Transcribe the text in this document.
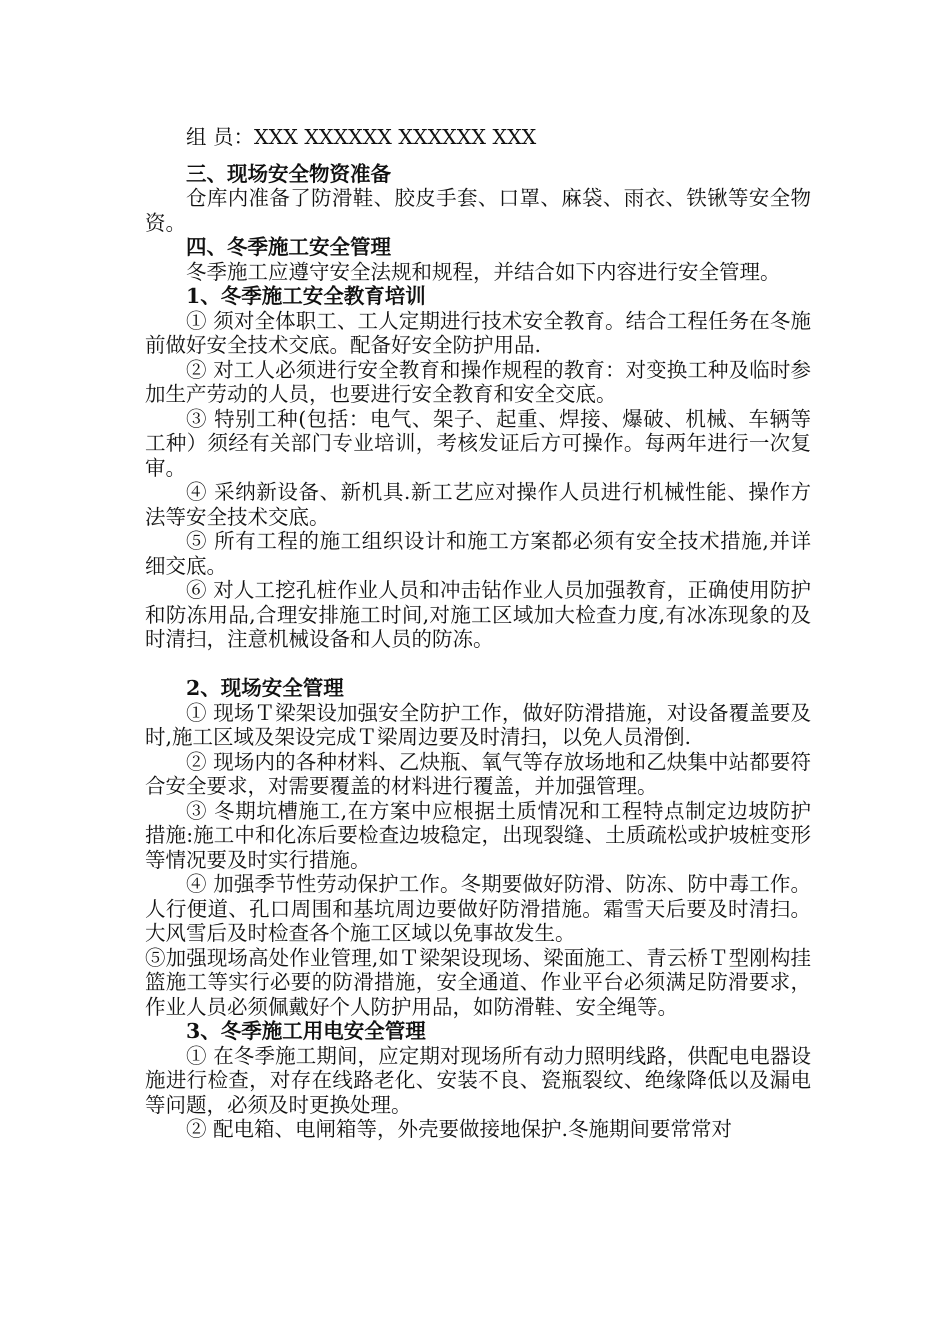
组 员：XXX XXXXXX XXXXXX XXX

三、现场安全物资准备

仓库内准备了防滑鞋、胶皮手套、口罩、麻袋、雨衣、铁锹等安全物资。

四、冬季施工安全管理

冬季施工应遵守安全法规和规程，并结合如下内容进行安全管理。

1、冬季施工安全教育培训

① 须对全体职工、工人定期进行技术安全教育。结合工程任务在冬施前做好安全技术交底。配备好安全防护用品.

② 对工人必须进行安全教育和操作规程的教育：对变换工种及临时参加生产劳动的人员，也要进行安全教育和安全交底。

③ 特别工种(包括：电气、架子、起重、焊接、爆破、机械、车辆等工种）须经有关部门专业培训，考核发证后方可操作。每两年进行一次复审。

④ 采纳新设备、新机具.新工艺应对操作人员进行机械性能、操作方法等安全技术交底。

⑤ 所有工程的施工组织设计和施工方案都必须有安全技术措施,并详细交底。

⑥ 对人工挖孔桩作业人员和冲击钻作业人员加强教育，正确使用防护和防冻用品,合理安排施工时间,对施工区域加大检查力度,有冰冻现象的及时清扫，注意机械设备和人员的防冻。

2、现场安全管理

① 现场Ｔ梁架设加强安全防护工作，做好防滑措施，对设备覆盖要及时,施工区域及架设完成Ｔ梁周边要及时清扫，以免人员滑倒.

② 现场内的各种材料、乙炔瓶、氧气等存放场地和乙炔集中站都要符合安全要求，对需要覆盖的材料进行覆盖，并加强管理。

③ 冬期坑槽施工,在方案中应根据土质情况和工程特点制定边坡防护措施:施工中和化冻后要检查边坡稳定，出现裂缝、土质疏松或护坡桩变形等情况要及时实行措施。

④ 加强季节性劳动保护工作。冬期要做好防滑、防冻、防中毒工作。人行便道、孔口周围和基坑周边要做好防滑措施。霜雪天后要及时清扫。大风雪后及时检查各个施工区域以免事故发生。

⑤加强现场高处作业管理,如Ｔ梁架设现场、梁面施工、青云桥Ｔ型刚构挂篮施工等实行必要的防滑措施，安全通道、作业平台必须满足防滑要求，作业人员必须佩戴好个人防护用品，如防滑鞋、安全绳等。

3、冬季施工用电安全管理

① 在冬季施工期间，应定期对现场所有动力照明线路，供配电电器设施进行检查，对存在线路老化、安装不良、瓷瓶裂纹、绝缘降低以及漏电等问题，必须及时更换处理。

② 配电箱、电闸箱等，外壳要做接地保护.冬施期间要常常对
